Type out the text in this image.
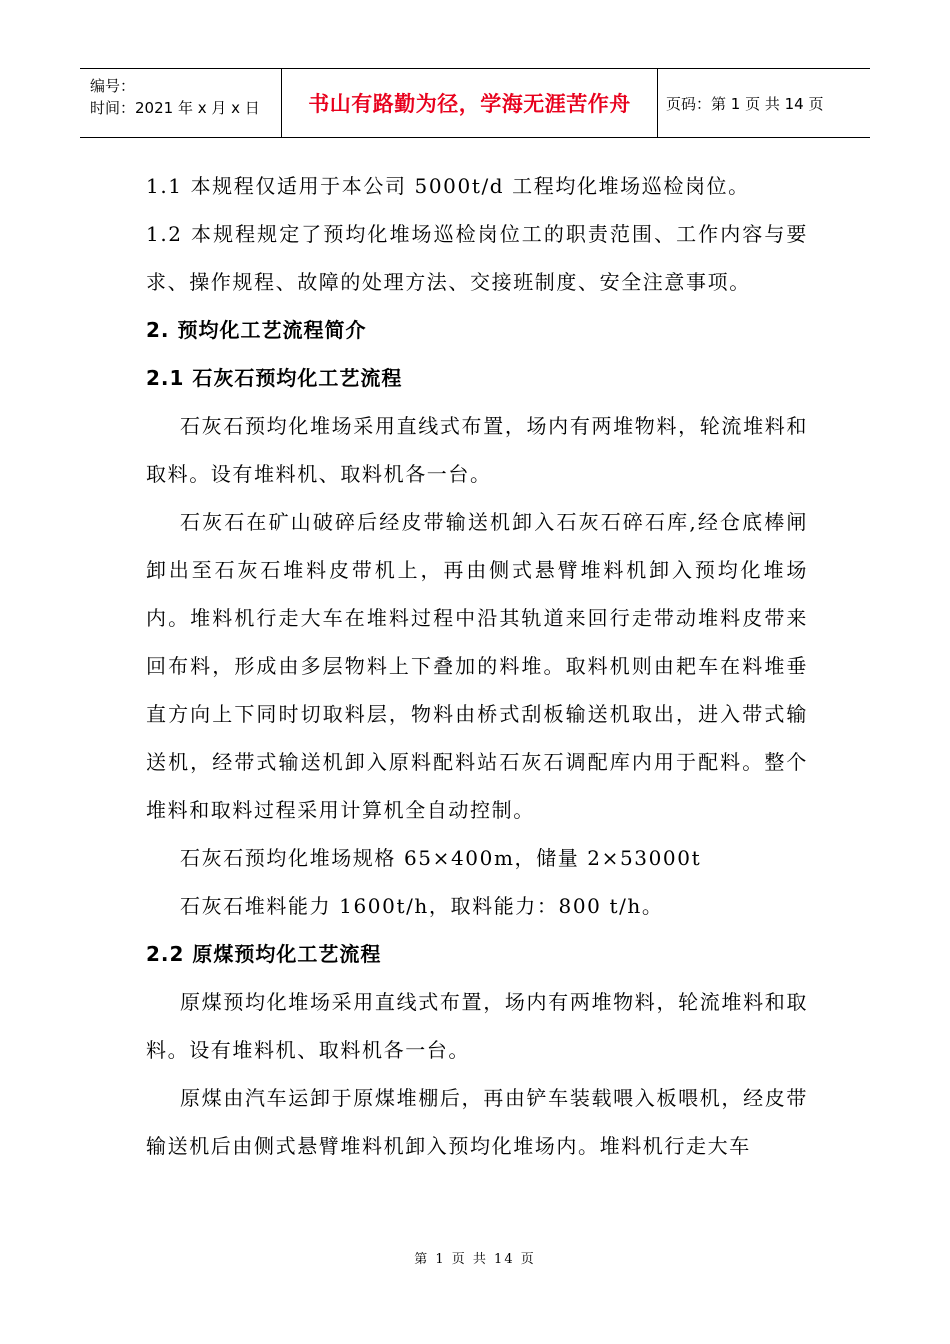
编号：
时间：2021 年 x 月 x 日	书山有路勤为径，学海无涯苦作舟	页码：第 1 页 共 14 页

1.1 本规程仅适用于本公司 5000t/d 工程均化堆场巡检岗位。

1.2 本规程规定了预均化堆场巡检岗位工的职责范围、工作内容与要求、操作规程、故障的处理方法、交接班制度、安全注意事项。

2. 预均化工艺流程简介

2.1 石灰石预均化工艺流程

石灰石预均化堆场采用直线式布置，场内有两堆物料，轮流堆料和取料。设有堆料机、取料机各一台。

石灰石在矿山破碎后经皮带输送机卸入石灰石碎石库,经仓底棒闸卸出至石灰石堆料皮带机上，再由侧式悬臂堆料机卸入预均化堆场内。堆料机行走大车在堆料过程中沿其轨道来回行走带动堆料皮带来回布料，形成由多层物料上下叠加的料堆。取料机则由耙车在料堆垂直方向上下同时切取料层，物料由桥式刮板输送机取出，进入带式输送机，经带式输送机卸入原料配料站石灰石调配库内用于配料。整个堆料和取料过程采用计算机全自动控制。

石灰石预均化堆场规格 65×400m，储量 2×53000t

石灰石堆料能力 1600t/h，取料能力：800 t/h。

2.2 原煤预均化工艺流程

原煤预均化堆场采用直线式布置，场内有两堆物料，轮流堆料和取料。设有堆料机、取料机各一台。

原煤由汽车运卸于原煤堆棚后，再由铲车装载喂入板喂机，经皮带输送机后由侧式悬臂堆料机卸入预均化堆场内。堆料机行走大车

第 1 页 共 14 页
